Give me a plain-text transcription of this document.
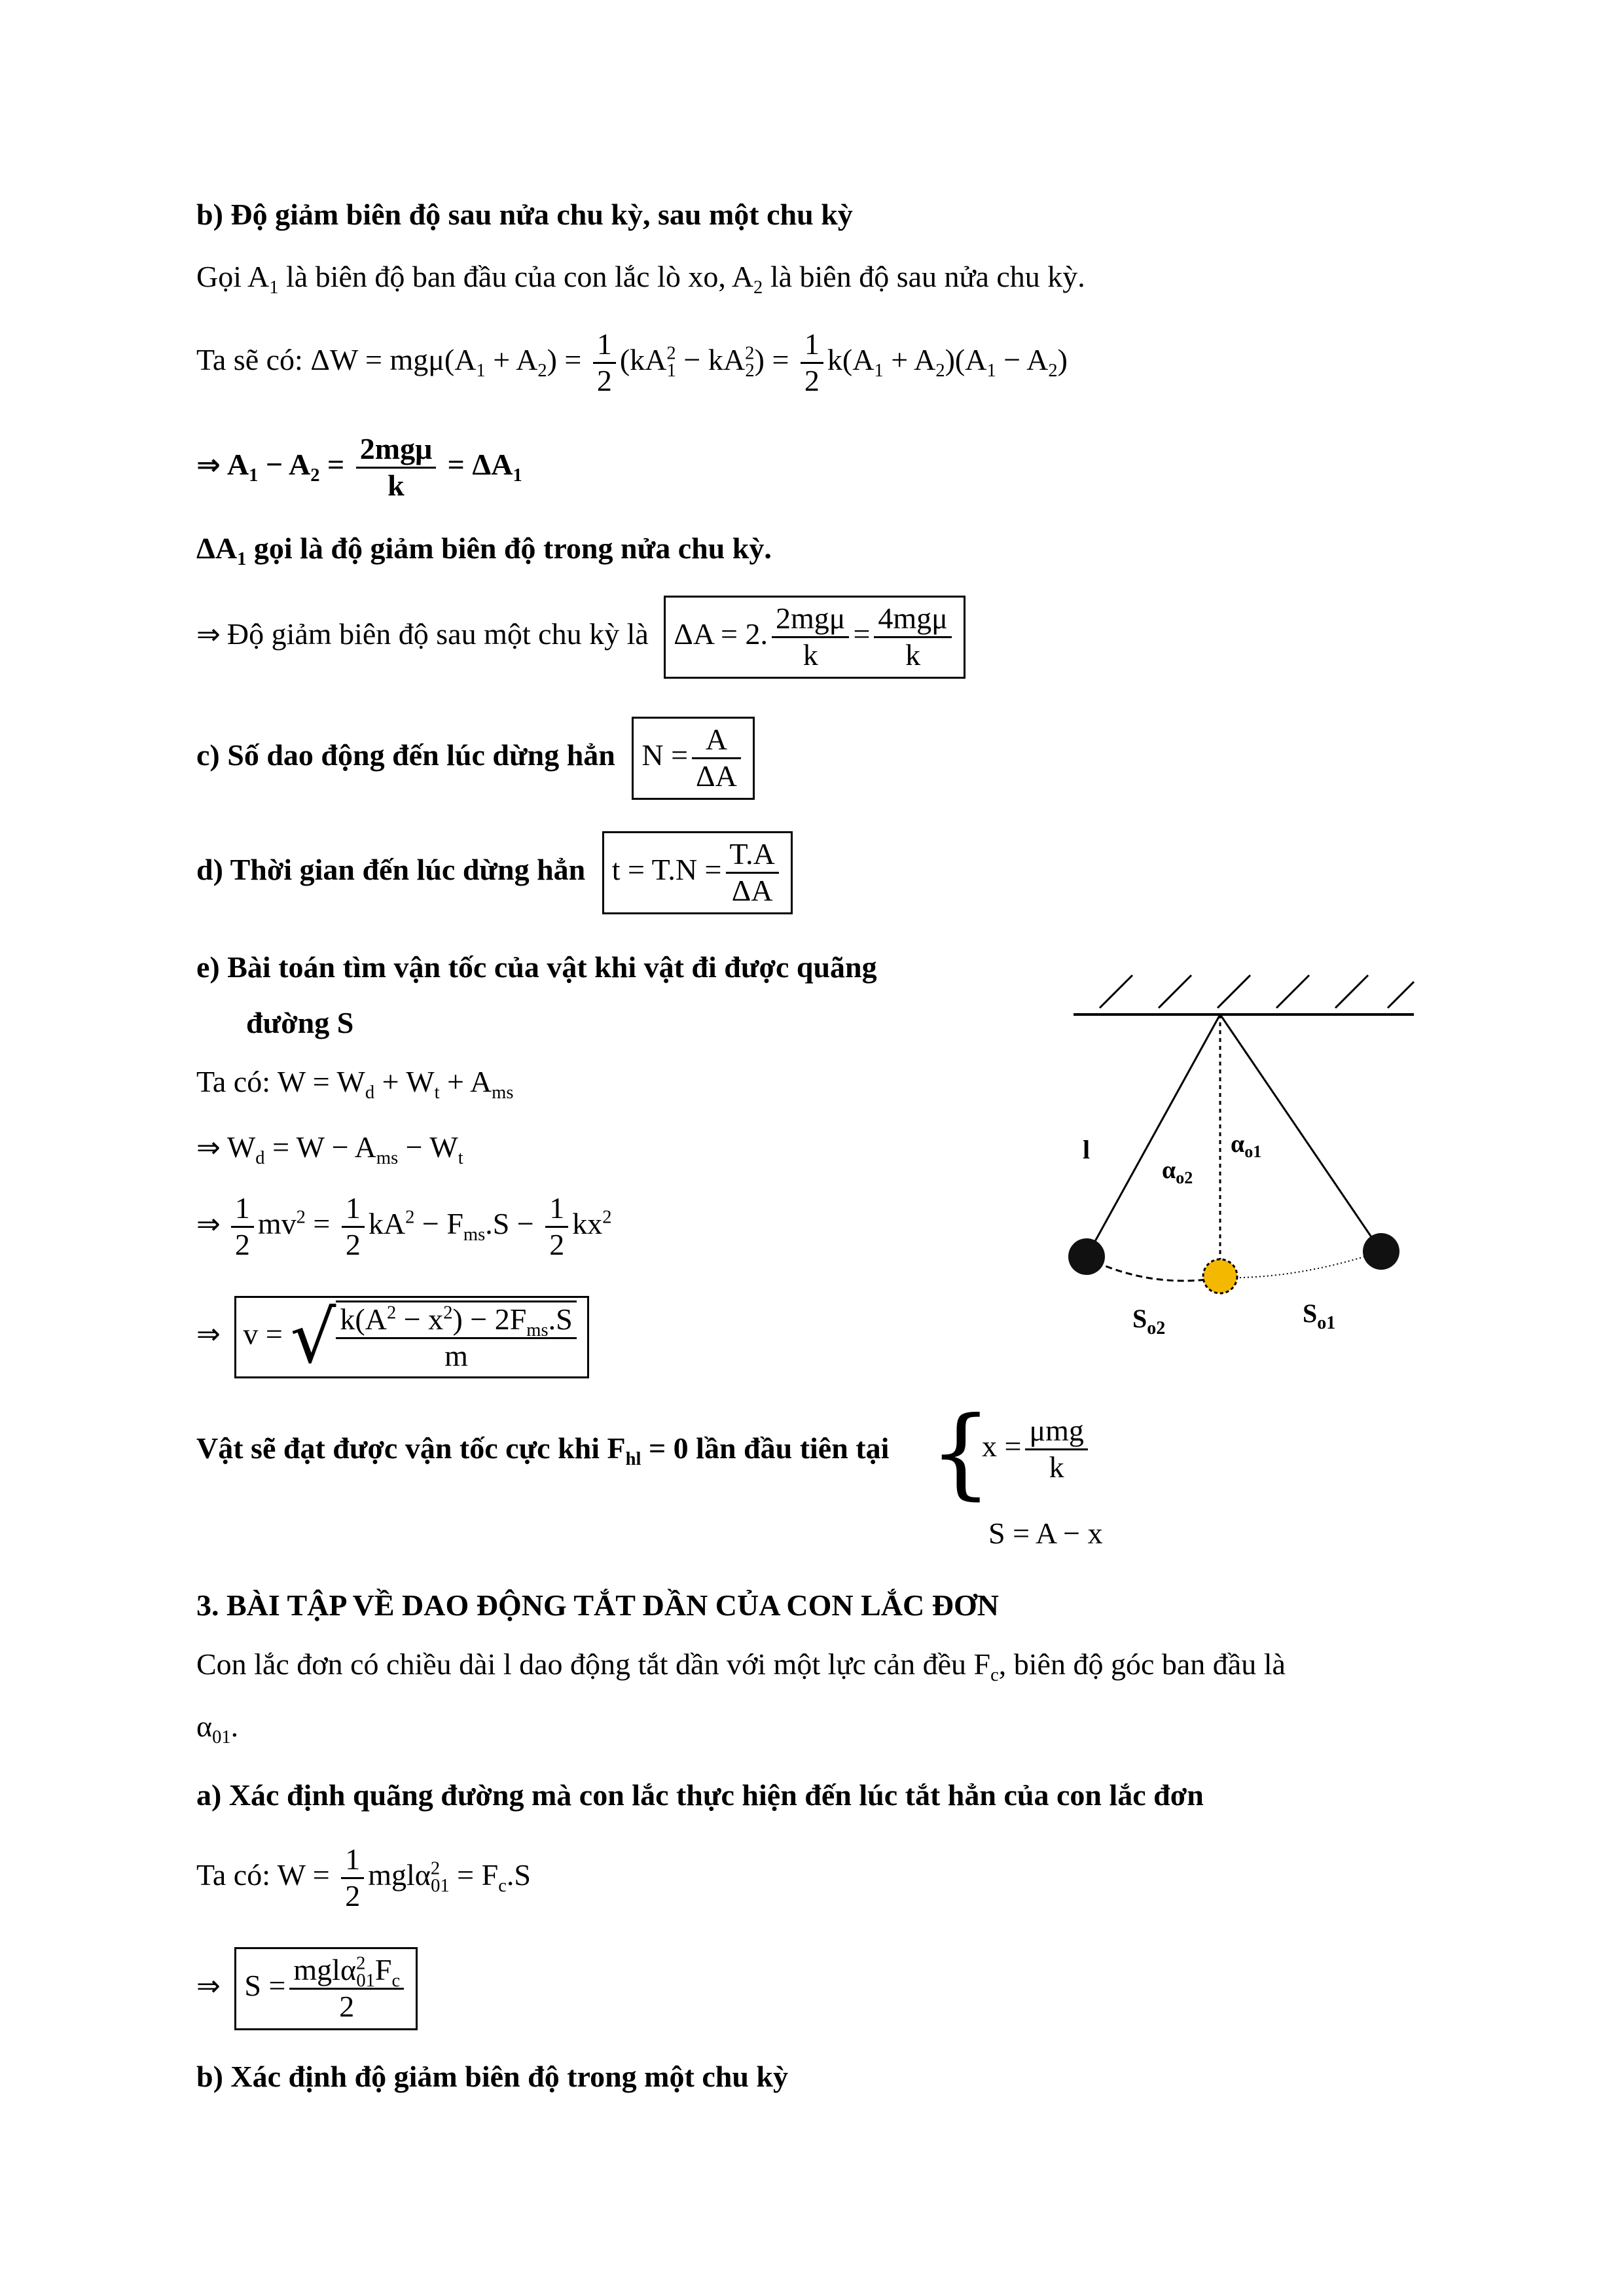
b) Độ giảm biên độ sau nửa chu kỳ, sau một chu kỳ
Gọi $A_1$ là biên độ ban đầu của con lắc lò xo, $A_2$ là biên độ sau nửa chu kỳ.
Ta sẽ có: $\Delta W = mg\mu(A_1 + A_2) = \frac{1}{2} (kA^2_1 - kA^2_2) = \frac{1}{2} k(A_1 + A_2)(A_1 - A_2)$
⇒ $A_1 - A_2 = \frac{\text{2mgμ}}{k} = \Delta A_1$
$\Delta A_1$ gọi là độ giảm biên độ trong nửa chu kỳ.
⇒ Độ giảm biên độ sau một chu kỳ là ΔA = 2. $\frac{\text{2mgμ}}{k} = \frac{\text{4mgμ}}{k}$
c) Số dao động đến lúc dừng hẳn $N = \frac{A}{\Delta A}$
d) Thời gian đến lúc dừng hẳn $t = T.N = \frac{T.A}{\Delta A}$
e) Bài toán tìm vận tốc của vật khi vật đi được quãng
đường S
Ta có: $W = W_d + W_t + A_{ms}$
⇒ $W_d = W - A_{ms} - W_t$
⇒ $\frac{1}{2} mv^2 = \frac{1}{2} kA^2 - F_{ms}.S - \frac{1}{2} kx^2$
⇒ v = √ $\frac{k(A^2 - x^2) - 2F_{ms}.S}{m}$
l
$\alpha_{o2}$
$\alpha_{o1}$
$S_{o2}$
$S_{o1}$
Vật sẽ đạt được vận tốc cực khi $F_{hl} = 0$ lần đầu tiên tại {
$x = \frac{\text{μmg}}{k}$
S = A − x
3. BÀI TẬP VỀ DAO ĐỘNG TẮT DẦN CỦA CON LẮC ĐƠN
Con lắc đơn có chiều dài l dao động tắt dần với một lực cản đều $F_c$, biên độ góc ban đầu là
$\alpha_{01}$.
a) Xác định quãng đường mà con lắc thực hiện đến lúc tắt hẳn của con lắc đơn
Ta có: $W = \frac{1}{2} mgl\alpha^2_{01} = F_c.S$
⇒ $S = \frac{mgl\alpha^2_{01}F_c}{2}$
b) Xác định độ giảm biên độ trong một chu kỳ
